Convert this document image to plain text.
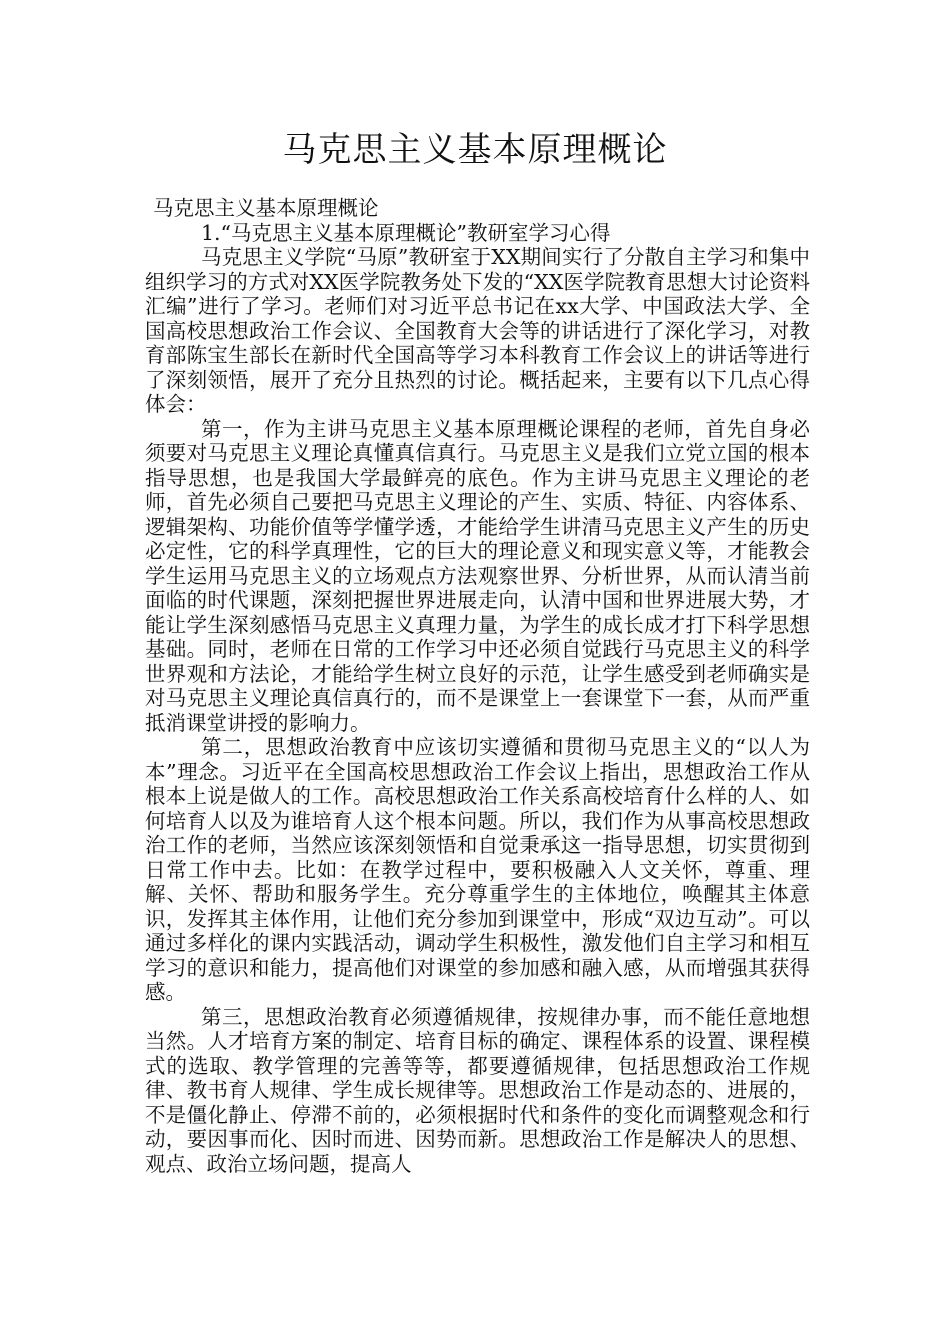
马克思主义基本原理概论

马克思主义基本原理概论

1.“马克思主义基本原理概论”教研室学习心得

马克思主义学院“马原”教研室于XX期间实行了分散自主学习和集中组织学习的方式对XX医学院教务处下发的“XX医学院教育思想大讨论资料汇编”进行了学习。老师们对习近平总书记在xx大学、中国政法大学、全国高校思想政治工作会议、全国教育大会等的讲话进行了深化学习，对教育部陈宝生部长在新时代全国高等学习本科教育工作会议上的讲话等进行了深刻领悟，展开了充分且热烈的讨论。概括起来，主要有以下几点心得体会：

第一，作为主讲马克思主义基本原理概论课程的老师，首先自身必须要对马克思主义理论真懂真信真行。马克思主义是我们立党立国的根本指导思想，也是我国大学最鲜亮的底色。作为主讲马克思主义理论的老师，首先必须自己要把马克思主义理论的产生、实质、特征、内容体系、逻辑架构、功能价值等学懂学透，才能给学生讲清马克思主义产生的历史必定性，它的科学真理性，它的巨大的理论意义和现实意义等，才能教会学生运用马克思主义的立场观点方法观察世界、分析世界，从而认清当前面临的时代课题，深刻把握世界进展走向，认清中国和世界进展大势，才能让学生深刻感悟马克思主义真理力量，为学生的成长成才打下科学思想基础。同时，老师在日常的工作学习中还必须自觉践行马克思主义的科学世界观和方法论，才能给学生树立良好的示范，让学生感受到老师确实是对马克思主义理论真信真行的，而不是课堂上一套课堂下一套，从而严重抵消课堂讲授的影响力。

第二，思想政治教育中应该切实遵循和贯彻马克思主义的“以人为本”理念。习近平在全国高校思想政治工作会议上指出，思想政治工作从根本上说是做人的工作。高校思想政治工作关系高校培育什么样的人、如何培育人以及为谁培育人这个根本问题。所以，我们作为从事高校思想政治工作的老师，当然应该深刻领悟和自觉秉承这一指导思想，切实贯彻到日常工作中去。比如：在教学过程中，要积极融入人文关怀，尊重、理解、关怀、帮助和服务学生。充分尊重学生的主体地位，唤醒其主体意识，发挥其主体作用，让他们充分参加到课堂中，形成“双边互动”。可以通过多样化的课内实践活动，调动学生积极性，激发他们自主学习和相互学习的意识和能力，提高他们对课堂的参加感和融入感，从而增强其获得感。

第三，思想政治教育必须遵循规律，按规律办事，而不能任意地想当然。人才培育方案的制定、培育目标的确定、课程体系的设置、课程模式的选取、教学管理的完善等等，都要遵循规律，包括思想政治工作规律、教书育人规律、学生成长规律等。思想政治工作是动态的、进展的，不是僵化静止、停滞不前的，必须根据时代和条件的变化而调整观念和行动，要因事而化、因时而进、因势而新。思想政治工作是解决人的思想、观点、政治立场问题，提高人
